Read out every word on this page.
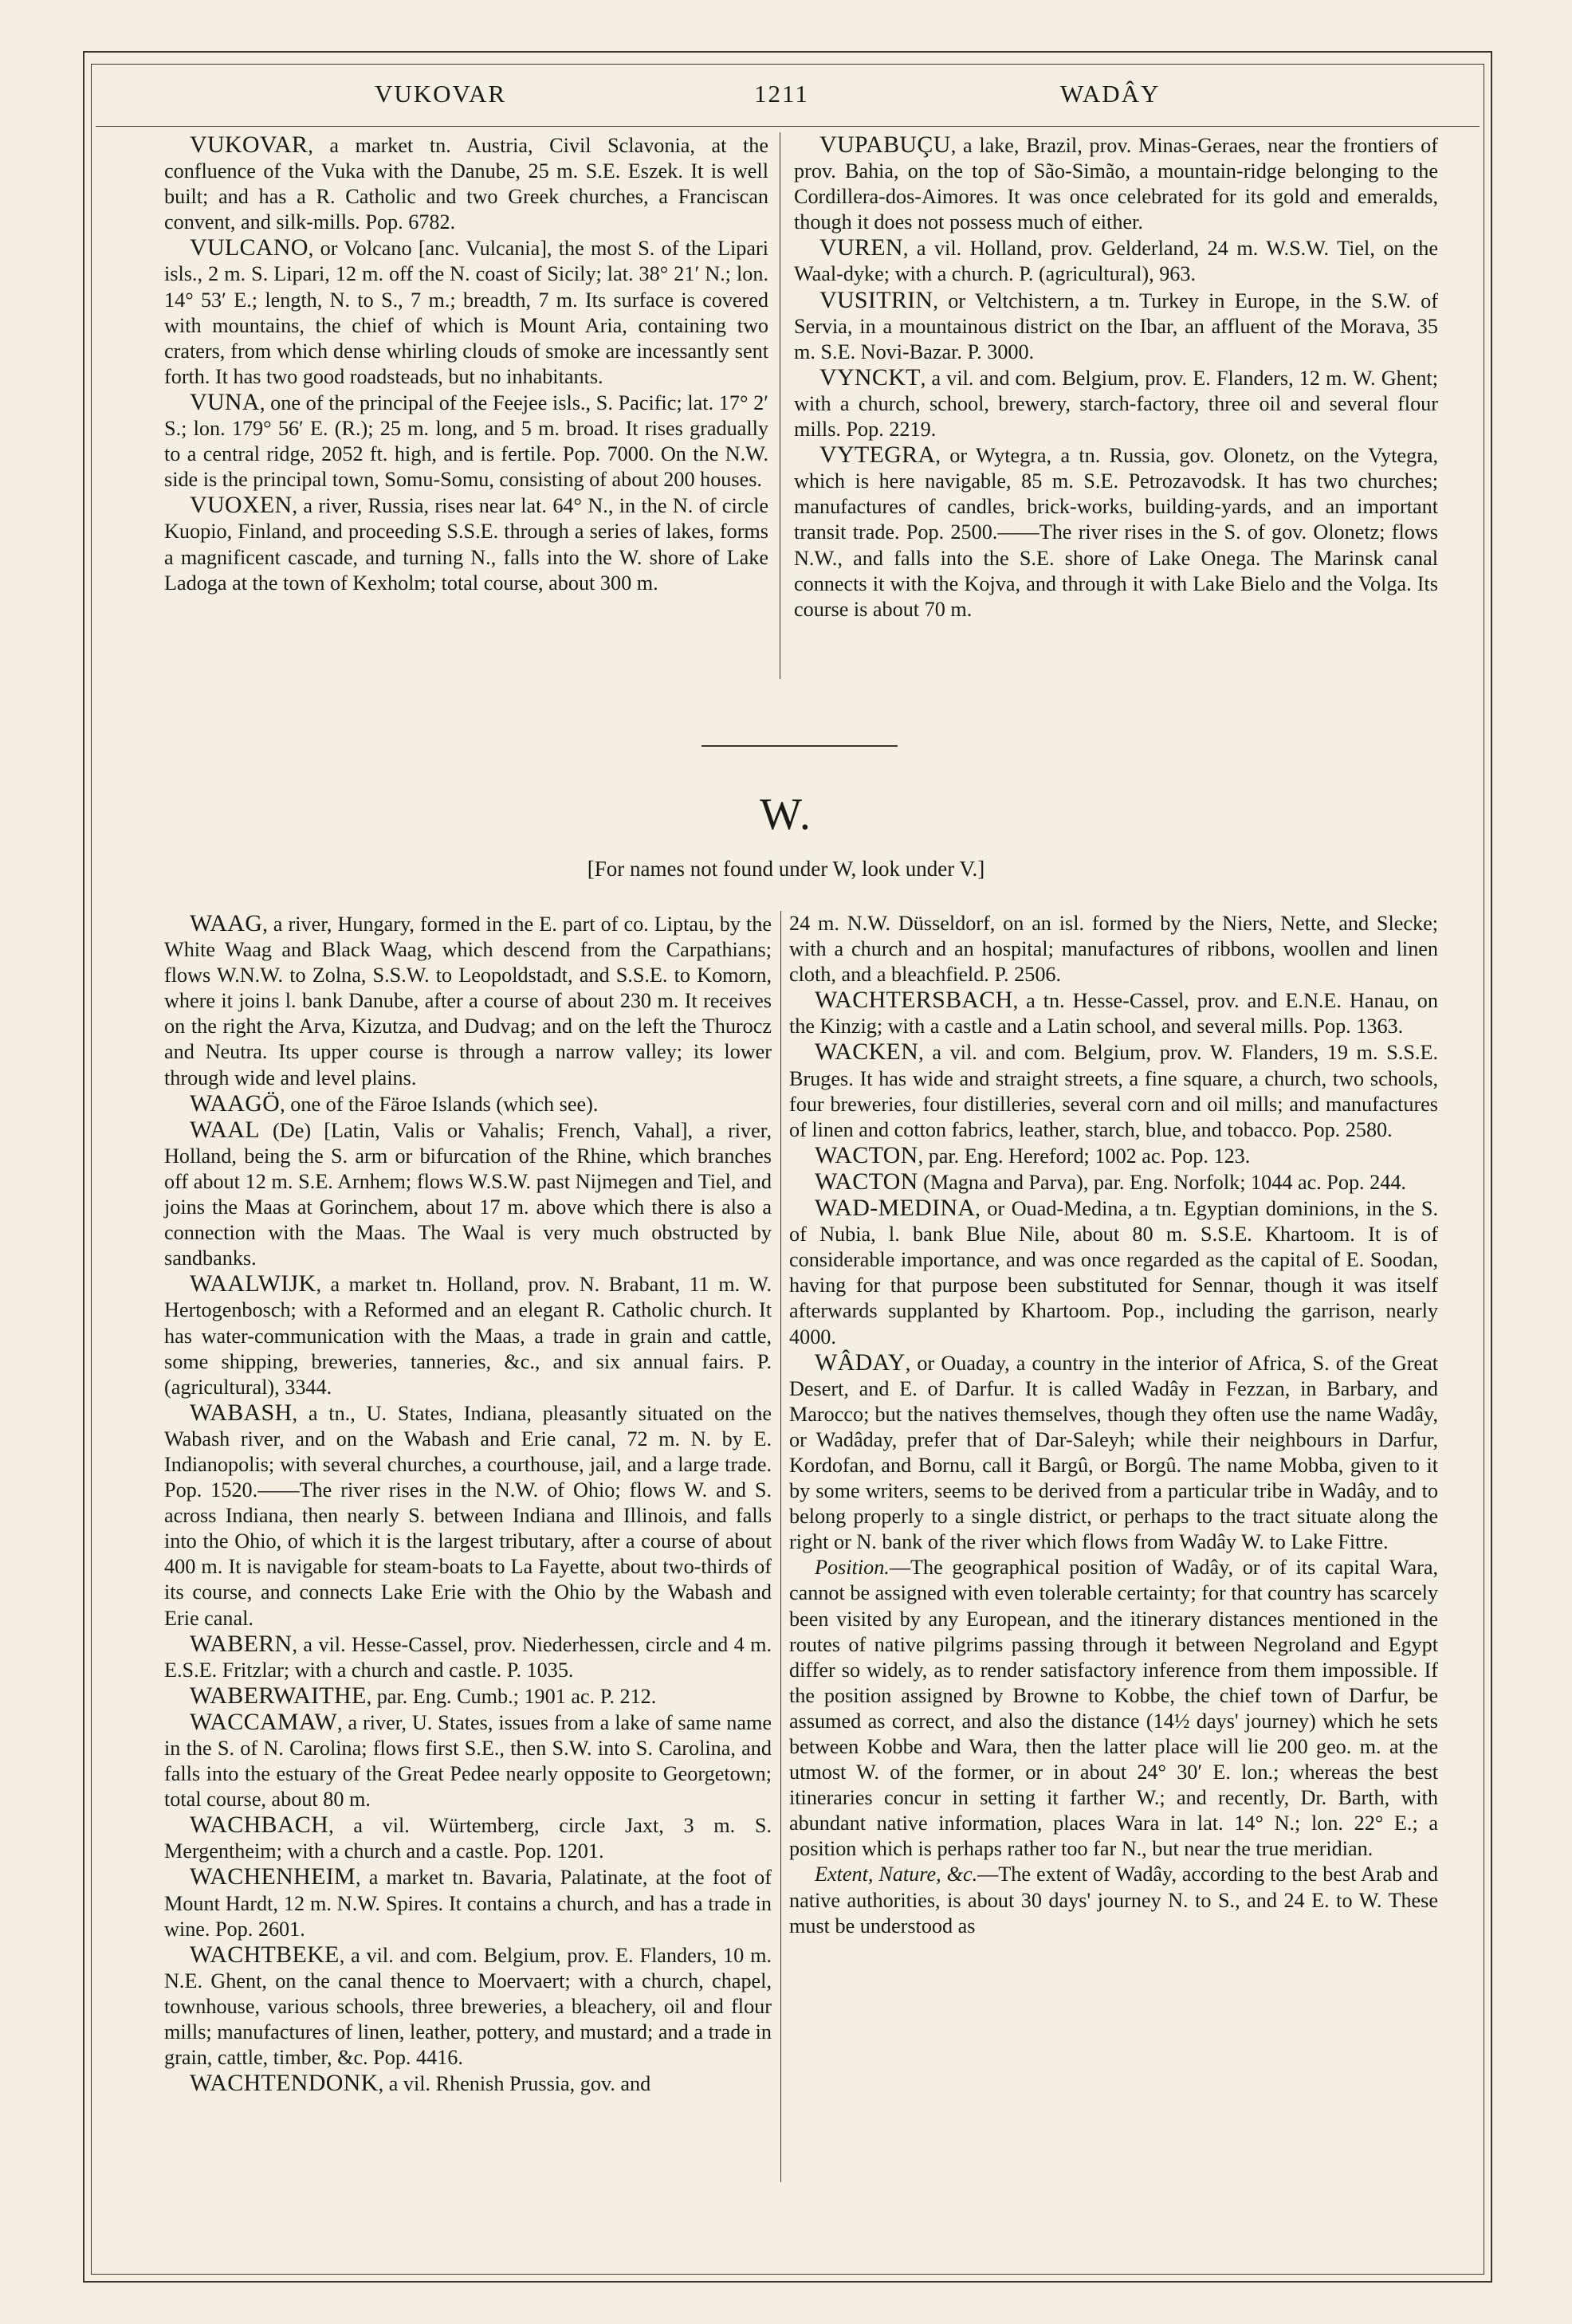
VUKOVAR	1211	WADÂY

VUKOVAR, a market tn. Austria, Civil Sclavonia, at the confluence of the Vuka with the Danube, 25 m. S.E. Eszek. It is well built; and has a R. Catholic and two Greek churches, a Franciscan convent, and silk-mills. Pop. 6782.

VULCANO, or Volcano [anc. Vulcania], the most S. of the Lipari isls., 2 m. S. Lipari, 12 m. off the N. coast of Sicily; lat. 38° 21′ N.; lon. 14° 53′ E.; length, N. to S., 7 m.; breadth, 7 m. Its surface is covered with mountains, the chief of which is Mount Aria, containing two craters, from which dense whirling clouds of smoke are incessantly sent forth. It has two good roadsteads, but no inhabitants.

VUNA, one of the principal of the Feejee isls., S. Pacific; lat. 17° 2′ S.; lon. 179° 56′ E. (R.); 25 m. long, and 5 m. broad. It rises gradually to a central ridge, 2052 ft. high, and is fertile. Pop. 7000. On the N.W. side is the principal town, Somu-Somu, consisting of about 200 houses.

VUOXEN, a river, Russia, rises near lat. 64° N., in the N. of circle Kuopio, Finland, and proceeding S.S.E. through a series of lakes, forms a magnificent cascade, and turning N., falls into the W. shore of Lake Ladoga at the town of Kexholm; total course, about 300 m.

VUPABUÇU, a lake, Brazil, prov. Minas-Geraes, near the frontiers of prov. Bahia, on the top of São-Simão, a mountain-ridge belonging to the Cordillera-dos-Aimores. It was once celebrated for its gold and emeralds, though it does not possess much of either.

VUREN, a vil. Holland, prov. Gelderland, 24 m. W.S.W. Tiel, on the Waal-dyke; with a church. P. (agricultural), 963.

VUSITRIN, or Veltchistern, a tn. Turkey in Europe, in the S.W. of Servia, in a mountainous district on the Ibar, an affluent of the Morava, 35 m. S.E. Novi-Bazar. P. 3000.

VYNCKT, a vil. and com. Belgium, prov. E. Flanders, 12 m. W. Ghent; with a church, school, brewery, starch-factory, three oil and several flour mills. Pop. 2219.

VYTEGRA, or Wytegra, a tn. Russia, gov. Olonetz, on the Vytegra, which is here navigable, 85 m. S.E. Petrozavodsk. It has two churches; manufactures of candles, brick-works, building-yards, and an important transit trade. Pop. 2500.——The river rises in the S. of gov. Olonetz; flows N.W., and falls into the S.E. shore of Lake Onega. The Marinsk canal connects it with the Kojva, and through it with Lake Bielo and the Volga. Its course is about 70 m.

W.
[For names not found under W, look under V.]

WAAG, a river, Hungary, formed in the E. part of co. Liptau, by the White Waag and Black Waag, which descend from the Carpathians; flows W.N.W. to Zolna, S.S.W. to Leopoldstadt, and S.S.E. to Komorn, where it joins l. bank Danube, after a course of about 230 m. It receives on the right the Arva, Kizutza, and Dudvag; and on the left the Thurocz and Neutra. Its upper course is through a narrow valley; its lower through wide and level plains.

WAAGÖ, one of the Färoe Islands (which see).

WAAL (De) [Latin, Valis or Vahalis; French, Vahal], a river, Holland, being the S. arm or bifurcation of the Rhine, which branches off about 12 m. S.E. Arnhem; flows W.S.W. past Nijmegen and Tiel, and joins the Maas at Gorinchem, about 17 m. above which there is also a connection with the Maas. The Waal is very much obstructed by sandbanks.

WAALWIJK, a market tn. Holland, prov. N. Brabant, 11 m. W. Hertogenbosch; with a Reformed and an elegant R. Catholic church. It has water-communication with the Maas, a trade in grain and cattle, some shipping, breweries, tanneries, &c., and six annual fairs. P. (agricultural), 3344.

WABASH, a tn., U. States, Indiana, pleasantly situated on the Wabash river, and on the Wabash and Erie canal, 72 m. N. by E. Indianopolis; with several churches, a courthouse, jail, and a large trade. Pop. 1520.——The river rises in the N.W. of Ohio; flows W. and S. across Indiana, then nearly S. between Indiana and Illinois, and falls into the Ohio, of which it is the largest tributary, after a course of about 400 m. It is navigable for steam-boats to La Fayette, about two-thirds of its course, and connects Lake Erie with the Ohio by the Wabash and Erie canal.

WABERN, a vil. Hesse-Cassel, prov. Niederhessen, circle and 4 m. E.S.E. Fritzlar; with a church and castle. P. 1035.

WABERWAITHE, par. Eng. Cumb.; 1901 ac. P. 212.

WACCAMAW, a river, U. States, issues from a lake of same name in the S. of N. Carolina; flows first S.E., then S.W. into S. Carolina, and falls into the estuary of the Great Pedee nearly opposite to Georgetown; total course, about 80 m.

WACHBACH, a vil. Würtemberg, circle Jaxt, 3 m. S. Mergentheim; with a church and a castle. Pop. 1201.

WACHENHEIM, a market tn. Bavaria, Palatinate, at the foot of Mount Hardt, 12 m. N.W. Spires. It contains a church, and has a trade in wine. Pop. 2601.

WACHTBEKE, a vil. and com. Belgium, prov. E. Flanders, 10 m. N.E. Ghent, on the canal thence to Moervaert; with a church, chapel, townhouse, various schools, three breweries, a bleachery, oil and flour mills; manufactures of linen, leather, pottery, and mustard; and a trade in grain, cattle, timber, &c. Pop. 4416.

WACHTENDONK, a vil. Rhenish Prussia, gov. and

24 m. N.W. Düsseldorf, on an isl. formed by the Niers, Nette, and Slecke; with a church and an hospital; manufactures of ribbons, woollen and linen cloth, and a bleachfield. P. 2506.

WACHTERSBACH, a tn. Hesse-Cassel, prov. and E.N.E. Hanau, on the Kinzig; with a castle and a Latin school, and several mills. Pop. 1363.

WACKEN, a vil. and com. Belgium, prov. W. Flanders, 19 m. S.S.E. Bruges. It has wide and straight streets, a fine square, a church, two schools, four breweries, four distilleries, several corn and oil mills; and manufactures of linen and cotton fabrics, leather, starch, blue, and tobacco. Pop. 2580.

WACTON, par. Eng. Hereford; 1002 ac. Pop. 123.

WACTON (Magna and Parva), par. Eng. Norfolk; 1044 ac. Pop. 244.

WAD-MEDINA, or Ouad-Medina, a tn. Egyptian dominions, in the S. of Nubia, l. bank Blue Nile, about 80 m. S.S.E. Khartoom. It is of considerable importance, and was once regarded as the capital of E. Soodan, having for that purpose been substituted for Sennar, though it was itself afterwards supplanted by Khartoom. Pop., including the garrison, nearly 4000.

WÂDAY, or Ouaday, a country in the interior of Africa, S. of the Great Desert, and E. of Darfur. It is called Wadây in Fezzan, in Barbary, and Marocco; but the natives themselves, though they often use the name Wadây, or Wadâday, prefer that of Dar-Saleyh; while their neighbours in Darfur, Kordofan, and Bornu, call it Bargû, or Borgû. The name Mobba, given to it by some writers, seems to be derived from a particular tribe in Wadây, and to belong properly to a single district, or perhaps to the tract situate along the right or N. bank of the river which flows from Wadây W. to Lake Fittre.

Position.—The geographical position of Wadây, or of its capital Wara, cannot be assigned with even tolerable certainty; for that country has scarcely been visited by any European, and the itinerary distances mentioned in the routes of native pilgrims passing through it between Negroland and Egypt differ so widely, as to render satisfactory inference from them impossible. If the position assigned by Browne to Kobbe, the chief town of Darfur, be assumed as correct, and also the distance (14½ days' journey) which he sets between Kobbe and Wara, then the latter place will lie 200 geo. m. at the utmost W. of the former, or in about 24° 30′ E. lon.; whereas the best itineraries concur in setting it farther W.; and recently, Dr. Barth, with abundant native information, places Wara in lat. 14° N.; lon. 22° E.; a position which is perhaps rather too far N., but near the true meridian.

Extent, Nature, &c.—The extent of Wadây, according to the best Arab and native authorities, is about 30 days' journey N. to S., and 24 E. to W. These must be understood as
